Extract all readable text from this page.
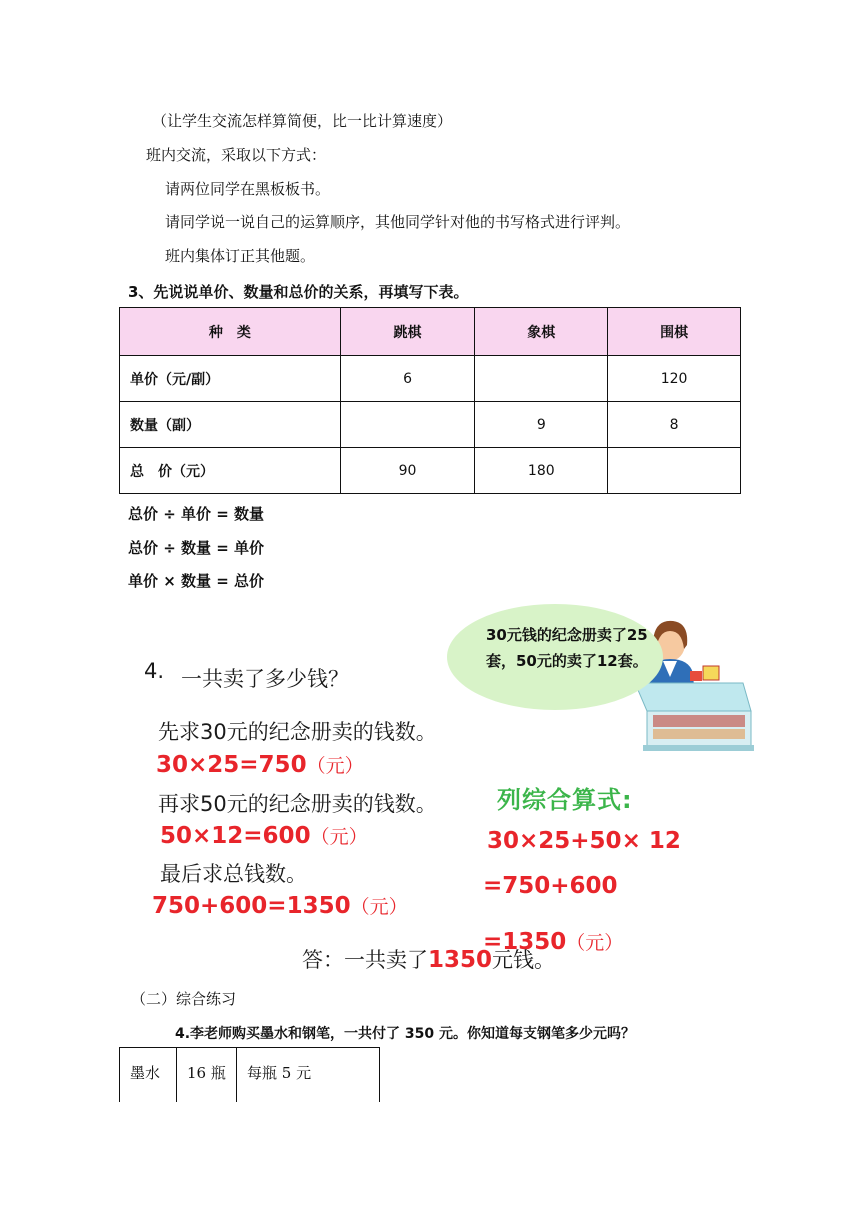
（让学生交流怎样算简便，比一比计算速度）
班内交流，采取以下方式：
请两位同学在黑板板书。
请同学说一说自己的运算顺序，其他同学针对他的书写格式进行评判。
班内集体订正其他题。
3、先说说单价、数量和总价的关系，再填写下表。
种　类	跳棋	象棋	围棋
单价（元/副）	6		120
数量（副）		9	8
总　价（元）	90	180	
总价 ÷ 单价 = 数量
总价 ÷ 数量 = 单价
单价 × 数量 = 总价
4. 一共卖了多少钱？
先求30元的纪念册卖的钱数。
30×25=750（元）
再求50元的纪念册卖的钱数。
50×12=600（元）
最后求总钱数。
750+600=1350（元）
30元钱的纪念册卖了25套，50元的卖了12套。
列综合算式:
30×25+50× 12
=750+600
=1350（元）
答：一共卖了1350元钱。
（二）综合练习
4.李老师购买墨水和钢笔，一共付了 350 元。你知道每支钢笔多少元吗？
墨水	16 瓶	每瓶 5 元
